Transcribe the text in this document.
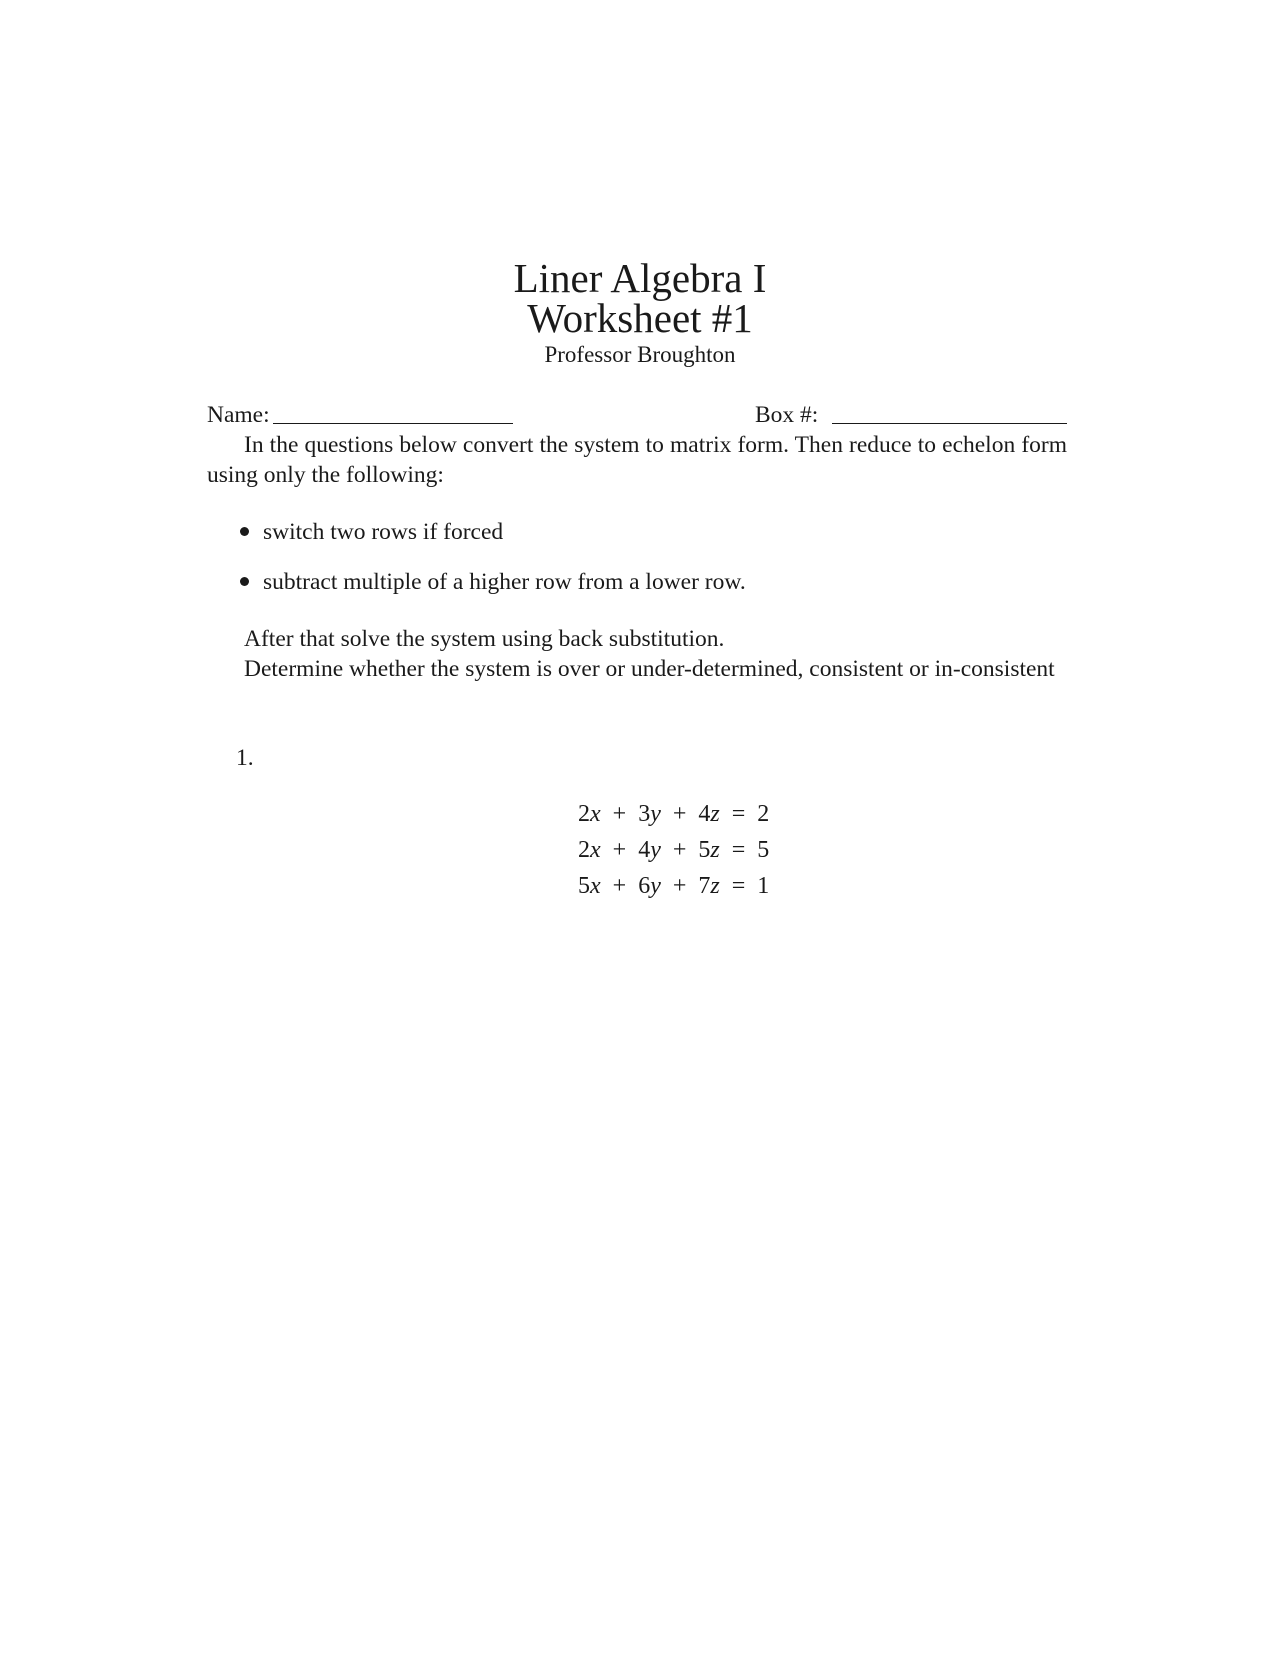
Liner Algebra I
Worksheet #1
Professor Broughton
Name:	Box #:
In the questions below convert the system to matrix form. Then reduce to echelon form using only the following:
switch two rows if forced
subtract multiple of a higher row from a lower row.
After that solve the system using back substitution.
Determine whether the system is over or under-determined, consistent or in-consistent
1.
2x  +  3y  +  4z  =  2
2x  +  4y  +  5z  =  5
5x  +  6y  +  7z  =  1
